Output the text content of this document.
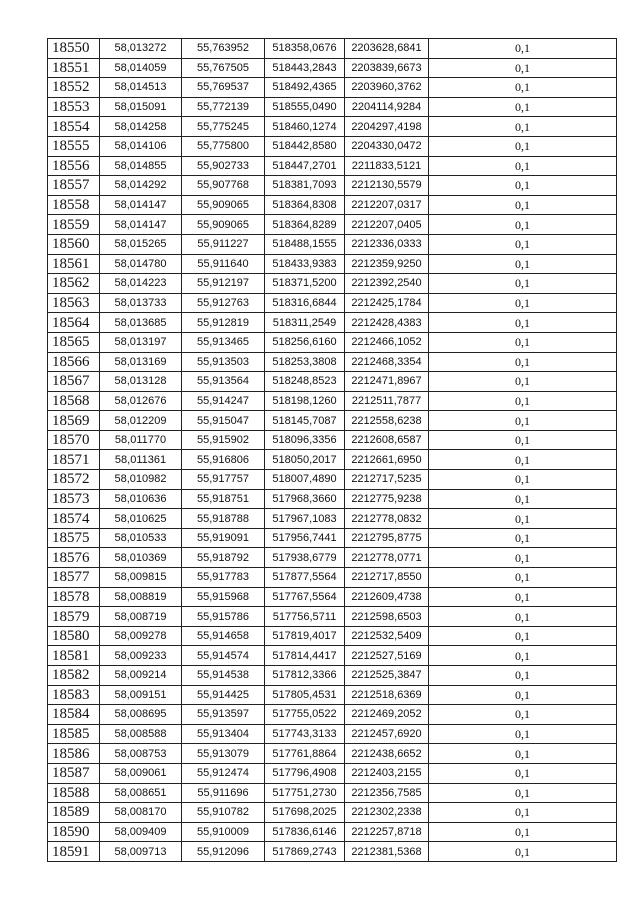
18550	58,013272	55,763952	518358,0676	2203628,6841	0,1
18551	58,014059	55,767505	518443,2843	2203839,6673	0,1
18552	58,014513	55,769537	518492,4365	2203960,3762	0,1
18553	58,015091	55,772139	518555,0490	2204114,9284	0,1
18554	58,014258	55,775245	518460,1274	2204297,4198	0,1
18555	58,014106	55,775800	518442,8580	2204330,0472	0,1
18556	58,014855	55,902733	518447,2701	2211833,5121	0,1
18557	58,014292	55,907768	518381,7093	2212130,5579	0,1
18558	58,014147	55,909065	518364,8308	2212207,0317	0,1
18559	58,014147	55,909065	518364,8289	2212207,0405	0,1
18560	58,015265	55,911227	518488,1555	2212336,0333	0,1
18561	58,014780	55,911640	518433,9383	2212359,9250	0,1
18562	58,014223	55,912197	518371,5200	2212392,2540	0,1
18563	58,013733	55,912763	518316,6844	2212425,1784	0,1
18564	58,013685	55,912819	518311,2549	2212428,4383	0,1
18565	58,013197	55,913465	518256,6160	2212466,1052	0,1
18566	58,013169	55,913503	518253,3808	2212468,3354	0,1
18567	58,013128	55,913564	518248,8523	2212471,8967	0,1
18568	58,012676	55,914247	518198,1260	2212511,7877	0,1
18569	58,012209	55,915047	518145,7087	2212558,6238	0,1
18570	58,011770	55,915902	518096,3356	2212608,6587	0,1
18571	58,011361	55,916806	518050,2017	2212661,6950	0,1
18572	58,010982	55,917757	518007,4890	2212717,5235	0,1
18573	58,010636	55,918751	517968,3660	2212775,9238	0,1
18574	58,010625	55,918788	517967,1083	2212778,0832	0,1
18575	58,010533	55,919091	517956,7441	2212795,8775	0,1
18576	58,010369	55,918792	517938,6779	2212778,0771	0,1
18577	58,009815	55,917783	517877,5564	2212717,8550	0,1
18578	58,008819	55,915968	517767,5564	2212609,4738	0,1
18579	58,008719	55,915786	517756,5711	2212598,6503	0,1
18580	58,009278	55,914658	517819,4017	2212532,5409	0,1
18581	58,009233	55,914574	517814,4417	2212527,5169	0,1
18582	58,009214	55,914538	517812,3366	2212525,3847	0,1
18583	58,009151	55,914425	517805,4531	2212518,6369	0,1
18584	58,008695	55,913597	517755,0522	2212469,2052	0,1
18585	58,008588	55,913404	517743,3133	2212457,6920	0,1
18586	58,008753	55,913079	517761,8864	2212438,6652	0,1
18587	58,009061	55,912474	517796,4908	2212403,2155	0,1
18588	58,008651	55,911696	517751,2730	2212356,7585	0,1
18589	58,008170	55,910782	517698,2025	2212302,2338	0,1
18590	58,009409	55,910009	517836,6146	2212257,8718	0,1
18591	58,009713	55,912096	517869,2743	2212381,5368	0,1
